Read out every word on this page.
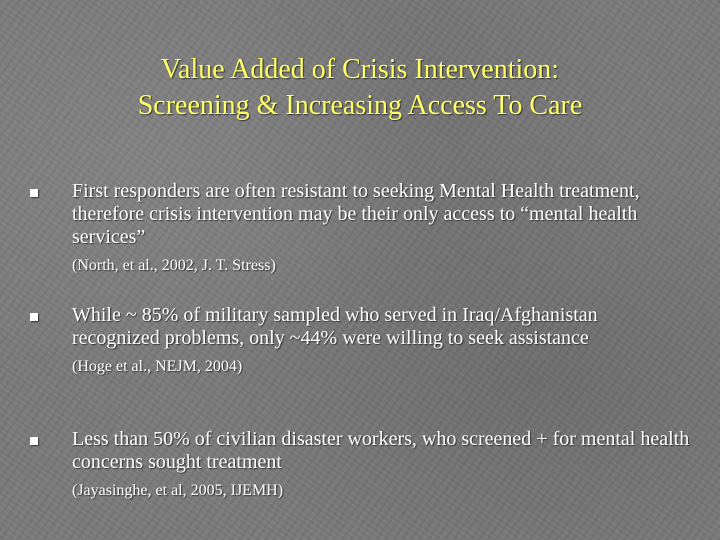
Value Added of Crisis Intervention:
Screening & Increasing Access To Care
First responders are often resistant to seeking Mental Health treatment, therefore crisis intervention may be their only access to “mental health services”
(North, et al., 2002, J. T. Stress)
While ~ 85% of military sampled who served in Iraq/Afghanistan recognized problems, only ~44% were willing to seek assistance
(Hoge et al., NEJM, 2004)
Less than 50% of civilian disaster workers, who screened + for mental health concerns sought treatment
(Jayasinghe, et al, 2005, IJEMH)
